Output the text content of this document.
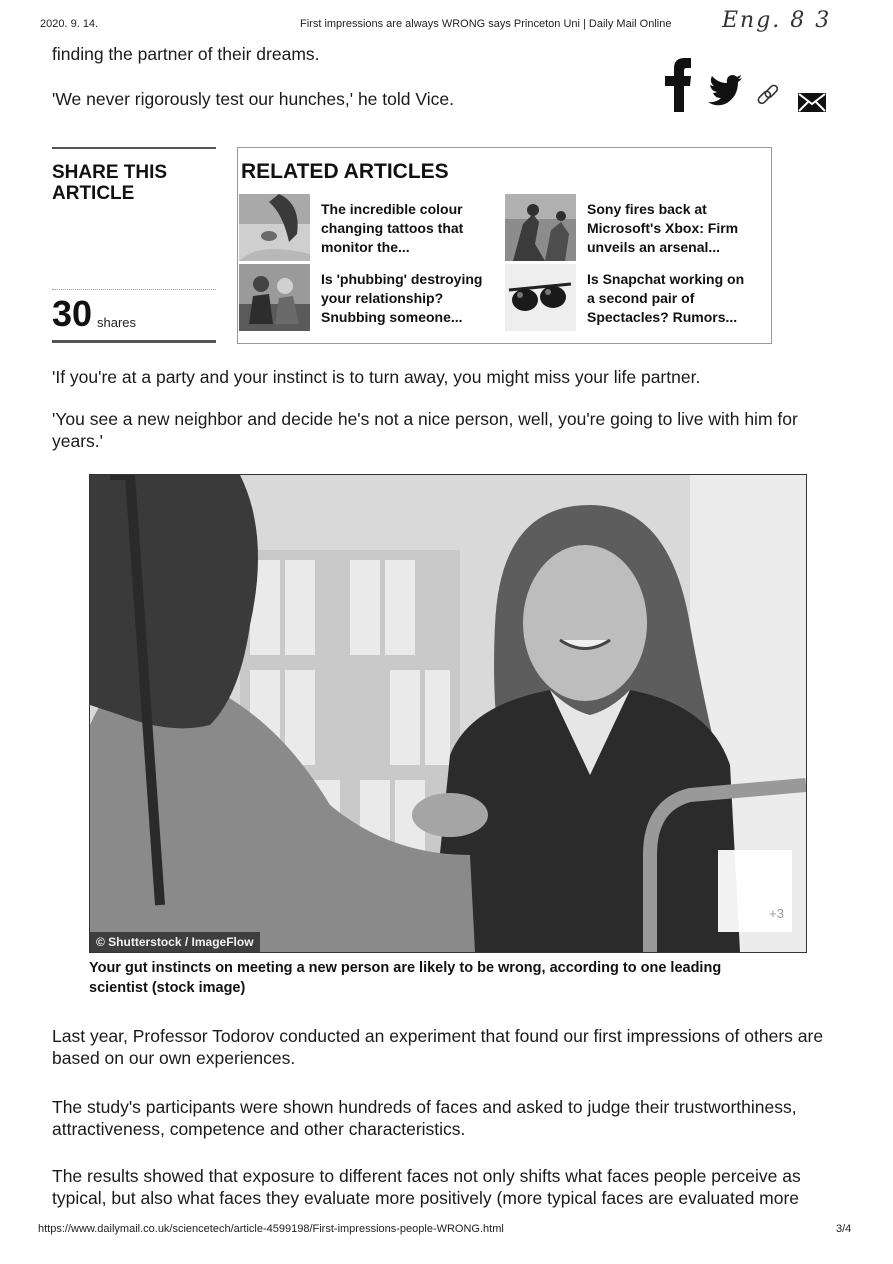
2020. 9. 14.	First impressions are always WRONG says Princeton Uni | Daily Mail Online Eng. 8 3
finding the partner of their dreams.
'We never rigorously test our hunches,' he told Vice.
SHARE THIS
ARTICLE
30 shares
RELATED ARTICLES
The incredible colour
changing tattoos that
monitor the...
Sony fires back at
Microsoft's Xbox: Firm
unveils an arsenal...
Is 'phubbing' destroying
your relationship?
Snubbing someone...
Is Snapchat working on
a second pair of
Spectacles? Rumors...
'If you're at a party and your instinct is to turn away, you might miss your life partner.
'You see a new neighbor and decide he's not a nice person, well, you're going to live with him for
years.'
© Shutterstock / ImageFlow
+3
Your gut instincts on meeting a new person are likely to be wrong, according to one leading
scientist (stock image)
Last year, Professor Todorov conducted an experiment that found our first impressions of others are
based on our own experiences.
The study's participants were shown hundreds of faces and asked to judge their trustworthiness,
attractiveness, competence and other characteristics.
The results showed that exposure to different faces not only shifts what faces people perceive as
typical, but also what faces they evaluate more positively (more typical faces are evaluated more
https://www.dailymail.co.uk/sciencetech/article-4599198/First-impressions-people-WRONG.html	3/4
